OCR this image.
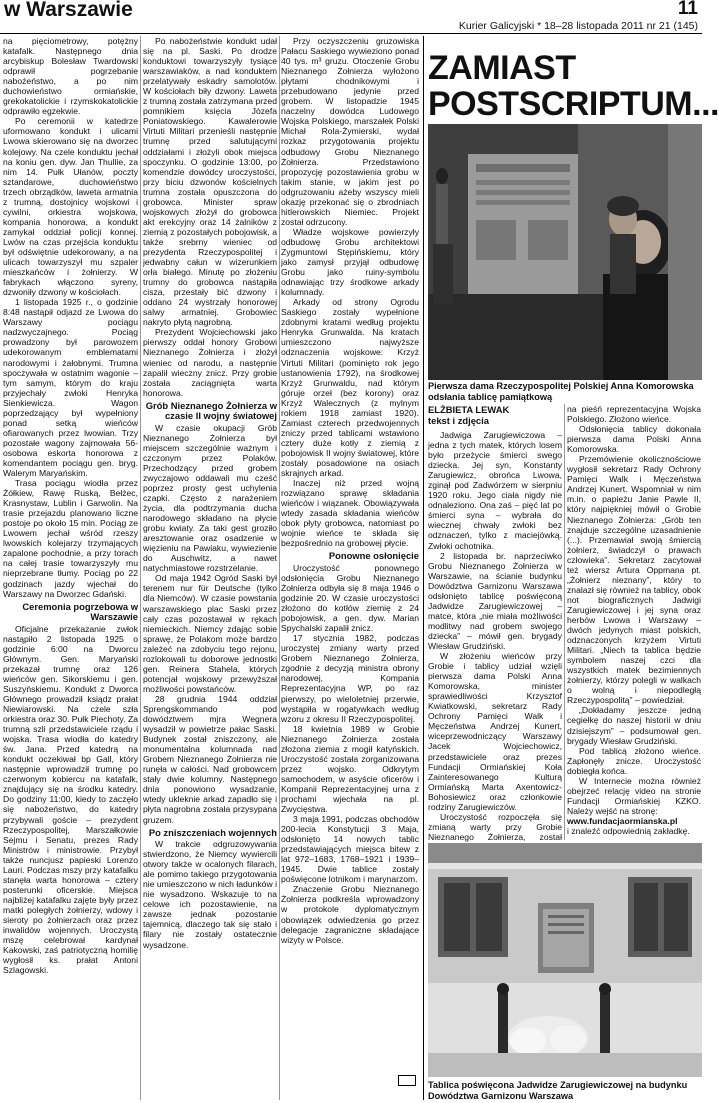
w Warszawie	11
Kurier Galicyjski * 18–28 listopada 2011 nr 21 (145)

na pięciometrowy, potężny katafalk. Następnego dnia arcybiskup Bolesław Twardowski odprawił pogrzebanie nabożeństwo, a po nim duchowieństwo ormiańskie, grekokatolickie i rzymskokatolickie odprawiło egzekwie.

Po ceremonii w katedrze uformowano kondukt i ulicami Lwowa skierowano się na dworzec kolejowy. Na czele konduktu jechał na koniu gen. dyw. Jan Thullie, za nim 14. Pułk Ułanów, poczty sztandarowe, duchowieństwo trzech obrządków, laweta armatnia z trumną, dostojnicy wojskowi i cywilni, orkiestra wojskowa, kompania honorowa, a kondukt zamykał oddział policji konnej. Lwów na czas przejścia konduktu był odświętnie udekorowany, a na ulicach towarzyszył mu szpaler mieszkańców i żołnierzy. W fabrykach włączono syreny, dzwoniły dzwony w kościołach.

1 listopada 1925 r., o godzinie 8:48 nastąpił odjazd ze Lwowa do Warszawy pociągu nadzwyczajnego. Pociąg prowadzony był parowozem udekorowanym emblematami narodowymi i żałobnymi. Trumna spoczywała w ostatnim wagonie – tym samym, którym do kraju przyjechały zwłoki Henryka Sienkiewicza. Wagon poprzedzający był wypełniony ponad setką wieńców ofiarowanych przez lwowian. Trzy pozostałe wagony zajmowała 56-osobowa eskorta honorowa z komendantem pociągu gen. bryg. Walerym Maryańskim.

Trasa pociągu wiodła przez Żółkiew, Rawę Ruską, Bełżec, Krasnystaw, Lublin i Garwolin. Na trasie przejazdu planowano liczne postoje po około 15 min. Pociąg ze Lwowem jechał wśród rzeszy lwowskich kolejarzy trzymających zapalone pochodnie, a przy torach na całej trasie towarzyszyły mu nieprzebrane tłumy. Pociąg po 22 godzinach jazdy wjechał do Warszawy na Dworzec Gdański.

Ceremonia pogrzebowa w Warszawie

Oficjalne przekazanie zwłok nastąpiło 2 listopada 1925 o godzinie 6:00 na Dworcu Głównym. Gen. Maryański przekazał trumnę oraz 126 wieńców gen. Sikorskiemu i gen. Suszyńskiemu. Kondukt z Dworca Głównego prowadził ksiądz prałat Niewiarowski. Na czele szła orkiestra oraz 30. Pułk Piechoty. Za trumną szli przedstawiciele rządu i wojska. Trasa wiodła do katedry św. Jana. Przed katedrą na kondukt oczekiwał bp Gall, który następnie wprowadził trumnę po czerwonym kobiercu na katafalk, znajdujący się na środku katedry. Do godziny 11:00, kiedy to zaczęło się nabożeństwo, do katedry przybywali goście – prezydent Rzeczypospolitej, Marszałkowie Sejmu i Senatu, prezes Rady Ministrów i ministrowie. Przybył także nuncjusz papieski Lorenzo Lauri. Podczas mszy przy katafalku stanęła warta honorowa – cztery posterunki oficerskie. Miejsca najbliżej katafalku zajęte były przez matki poległych żołnierzy, wdowy i sieroty po żołnierzach oraz przez inwalidów wojennych. Uroczystą mszę celebrował kardynał Kakowski, zaś patriotyczną homilię wygłosił ks. prałat Antoni Szlagowski.

Po nabożeństwie kondukt udał się na pl. Saski. Po drodze konduktowi towarzyszyły tysiące warszawiaków, a nad konduktem przelatywały eskadry samolotów. W kościołach biły dzwony. Laweta z trumną została zatrzymana przed pomnikiem księcia Józefa Poniatowskiego. Kawalerowie Virtuti Militari przenieśli następnie trumnę przed salutującymi oddziałami i złożyli obok miejsca spoczynku. O godzinie 13:00, po komendzie dowódcy uroczystości, przy biciu dzwonów kościelnych trumna została opuszczona do grobowca. Minister spraw wojskowych złożył do grobowca akt erekcyjny oraz 14 żalników z ziemią z pozostałych pobojowisk, a także srebrny wieniec od prezydenta Rzeczypospolitej i jedwabny całun w wizerunkiem orła białego. Minutę po złożeniu trumny do grobowca nastąpiła cisza, przestały bić dzwony i oddano 24 wystrzały honorowej salwy armatniej. Grobowiec nakryto płytą nagrobną.

Prezydent Wojciechowski jako pierwszy oddał honory Grobowi Nieznanego Żołnierza i złożył wieniec od narodu, a następnie zapalił wieczny znicz. Przy grobie została zaciągnięta warta honorowa.

Grób Nieznanego Żołnierza w czasie II wojny światowej

W czasie okupacji Grób Nieznanego Żołnierza był miejscem szczególnie ważnym i czczonym przez Polaków. Przechodzący przed grobem zwyczajowo oddawali mu cześć poprzez prosty gest uchylenia czapki. Często z narażeniem życia, dla podtrzymania ducha narodowego składano na płycie grobu kwiaty. Za taki gest groziło aresztowanie oraz osadzenie w więzieniu na Pawiaku, wywiezienie do Auschwitz, a nawet natychmiastowe rozstrzelanie.

Od maja 1942 Ogród Saski był terenem nur für Deutsche (tylko dla Niemców). W czasie powstania warszawskiego plac Saski przez cały czas pozostawał w rękach niemieckich. Niemcy zdając sobie sprawę, że Polakom może bardzo zależeć na zdobyciu tego rejonu, rozlokowali tu doborowe jednostki gen. Reinera Stahela, których potencjał wojskowy przewyższał możliwości powstańców.

28 grudnia 1944 oddział Sprengskommando pod dowództwem mjra Wegnera wysadził w powietrze pałac Saski. Budynek został zniszczony, ale monumentalna kolumnada nad Grobem Nieznanego Żołnierza nie runęła w całości. Nad grobowcem stały dwie kolumny. Następnego dnia ponowiono wysadzanie, wtedy ukleknie arkad zapadło się i płyta nagrobna została przysypana gruzem.

Po zniszczeniach wojennych

W trakcie odgruzowywania stwierdzono, że Niemcy wywiercili otwory także w ocalonych filarach, ale pomimo takiego przygotowania nie umieszczono w nich ładunków i nie wysadzono. Wskazuje to na celowe ich pozostawienie, na zawsze jednak pozostanie tajemnicą, dlaczego tak się stało i filary nie zostały ostatecznie wysadzone.

Przy oczyszczeniu gruzowiska Pałacu Saskiego wywieziono ponad 40 tys. m³ gruzu. Otoczenie Grobu Nieznanego Żołnierza wyłożono płytami chodnikowymi i przebudowano jedynie przed grobem. W listopadzie 1945 naczelny dowódca Ludowego Wojska Polskiego, marszałek Polski Michał Rola-Żymierski, wydał rozkaz przygotowania projektu odbudowy Grobu Nieznanego Żołnierza. Przedstawiono propozycję pozostawienia grobu w takim stanie, w jakim jest po odgruzowaniu ażeby wszyscy mieli okazję przekonać się o zbrodniach hitlerowskich Niemiec. Projekt został odrzucony.

Władze wojskowe powierzyły odbudowę Grobu architektowi Zygmuntowi Stępińskiemu, który jako zamysł przyjął odbudowę Grobu jako ruiny-symbolu odnawiając trzy środkowe arkady kolumnady.

Arkady od strony Ogrodu Saskiego zostały wypełnione zdobnymi kratami według projektu Henryka Grunwalda. Na kratach umieszczono najwyższe odznaczenia wojskowe: Krzyż Virtuti Militari (pominięto rok jego ustanowienia 1792), na środkowej Krzyż Grunwaldu, nad którym góruje orzeł (bez korony) oraz Krzyż Walecznych (z mylnym rokiem 1918 zamiast 1920). Zamiast czterech przedwojennych zniczy przed tablicami wstawiono cztery duże kotły z ziemią z pobojowisk II wojny światowej, które zostały posadowione na osiach skrajnych arkad.

Inaczej niż przed wojną rozwiązano sprawę składania wieńców i wiązanek. Obowiązywała wtedy zasada składania wieńców obok płyty grobowca, natomiast po wojnie wieńce te składa się bezpośrednio na grobowej płycie.

Ponowne osłonięcie

Uroczystość ponownego odsłonięcia Grobu Nieznanego Żołnierza odbyła się 8 maja 1946 o godzinie 20. W czasie uroczystości złożono do kotłów ziemię z 24 pobojowisk, a gen. dyw. Marian Spychalski zapalił znicz.

17 stycznia 1982, podczas uroczystej zmiany warty przed Grobem Nieznanego Żołnierza, zgodnie z decyzją ministra obrony narodowej, Kompania Reprezentacyjna WP, po raz pierwszy, po wieloletniej przerwie, wystąpiła w rogatywkach według wzoru z okresu II Rzeczypospolitej.

18 kwietnia 1989 w Grobie Nieznanego Żołnierza została złożona ziemia z mogił katyńskich. Uroczystość została zorganizowana przez wojsko. Odkrytym samochodem, w asyście oficerów i Kompanii Reprezentacyjnej urna z prochami wjechała na pl. Zwycięstwa.

3 maja 1991, podczas obchodów 200-lecia Konstytucji 3 Maja, odsłonięto 14 nowych tablic przedstawiających miejsca bitew z lat 972–1683, 1768–1921 i 1939–1945. Dwie tablice zostały poświęcone lotnikom i marynarzom.

Znaczenie Grobu Nieznanego Żołnierza podkreśla wprowadzony w protokole dyplomatycznym obowiązek odwiedzenia go przez delegacje zagraniczne składające wizyty w Polsce.

ZAMIAST POSTSCRIPTUM...
Pierwsza dama Rzeczypospolitej Polskiej Anna Komorowska odsłania tablicę pamiątkową
ELŻBIETA LEWAK
tekst i zdjęcia

Jadwiga Zarugiewiczowa – jedna z tych matek, których losem było przeżycie śmierci swego dziecka. Jej syn, Konstanty Zarugiewicz, obrońca Lwowa, zginął pod Zadwórzem w sierpniu 1920 roku. Jego ciała nigdy nie odnaleziono. Ona zaś – pięć lat po śmierci syna – wybrała do wiecznej chwały zwłoki bez odznaczeń, tylko z maciejówką. Zwłoki ochotnika.

2 listopada br. naprzeciwko Grobu Nieznanego Żołnierza w Warszawie, na ścianie budynku Dowództwa Garnizonu Warszawa odsłonięto tablicę poświęconą Jadwidze Zarugiewiczowej – matce, która „nie miała możliwości modlitwy nad grobem swojego dziecka” – mówił gen. brygady Wiesław Grudziński.

W złożeniu wieńców przy Grobie i tablicy udział wzięli pierwsza dama Polski Anna Komorowska, minister sprawiedliwości Krzysztof Kwiatkowski, sekretarz Rady Ochrony Pamięci Walk i Męczeństwa Andrzej Kunert, wiceprzewodniczący Warszawy Jacek Wojciechowicz, przedstawiciele oraz prezes Fundacji Ormiańskiej Koła Zainteresowanego Kulturą Ormiańską Marta Axentowicz-Bohosiewicz oraz członkowie rodziny Zarugiewiczów.

Uroczystość rozpoczęła się zmianą warty przy Grobie Nieznanego Żołnierza, został

na pieśń reprezentacyjna Wojska Polskiego. Złożono wieńce.

Odsłonięcia tablicy dokonała pierwsza dama Polski Anna Komorowska.

Przemówienie okolicznościowe wygłosił sekretarz Rady Ochrony Pamięci Walk i Męczeństwa Andrzej Kunert. Wspomniał w nim m.in. o papieżu Janie Pawle II, który najpiękniej mówił o Grobie Nieznanego Żołnierza: „Grób ten znajduje szczególne uzasadnienie (...). Przemawiał swoją śmiercią żołnierz, świadczył o prawach człowieka”. Sekretarz zacytował też wiersz Artura Oppmana pt. „Żołnierz nieznany”, który to znalazł się również na tablicy, obok not biograficznych Jadwigi Zarugiewiczowej i jej syna oraz herbów Lwowa i Warszawy – dwóch jedynych miast polskich, odznaczonych krzyżem Virtuti Militari. „Niech ta tablica będzie symbolem naszej czci dla wszystkich matek bezimiennych żołnierzy, którzy polegli w walkach o wolną i niepodległą Rzeczypospolitą” – powiedział.

„Dokładamy jeszcze jedną cegiełkę do naszej historii w dniu dzisiejszym” – podsumował gen. brygady Wiesław Grudziński.

Pod tablicą złożono wieńce. Zapłonęły znicze. Uroczystość dobiegła końca.

W Internecie można również obejrzeć relację video na stronie Fundacji Ormiańskiej KZKO. Należy wejść na stronę:

www.fundacjaormianska.pl

i znaleźć odpowiednią zakładkę.

Tablica poświęcona Jadwidze Zarugiewiczowej na budynku Dowództwa Garnizonu Warszawa
